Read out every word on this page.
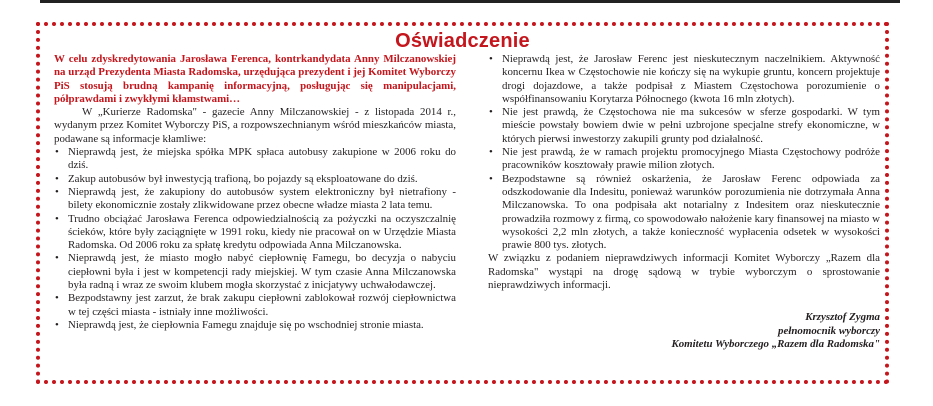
Oświadczenie

W celu zdyskredytowania Jarosława Ferenca, kontrkandydata Anny Milczanowskiej na urząd Prezydenta Miasta Radomska, urzędująca prezydent i jej Komitet Wyborczy PiS stosują brudną kampanię informacyjną, posługując się manipulacjami, półprawdami i zwykłymi kłamstwami…

W „Kurierze Radomska" - gazecie Anny Milczanowskiej - z listopada 2014 r., wydanym przez Komitet Wyborczy PiS, a rozpowszechnianym wśród mieszkańców miasta, podawane są informacje kłamliwe:

• Nieprawdą jest, że miejska spółka MPK spłaca autobusy zakupione w 2006 roku do dziś.
• Zakup autobusów był inwestycją trafioną, bo pojazdy są eksploatowane do dziś.
• Nieprawdą jest, że zakupiony do autobusów system elektroniczny był nietrafiony - bilety ekonomicznie zostały zlikwidowane przez obecne władze miasta 2 lata temu.
• Trudno obciążać Jarosława Ferenca odpowiedzialnością za pożyczki na oczyszczalnię ścieków, które były zaciągnięte w 1991 roku, kiedy nie pracował on w Urzędzie Miasta Radomska. Od 2006 roku za spłatę kredytu odpowiada Anna Milczanowska.
• Nieprawdą jest, że miasto mogło nabyć ciepłownię Famegu, bo decyzja o nabyciu ciepłowni była i jest w kompetencji rady miejskiej. W tym czasie Anna Milczanowska była radną i wraz ze swoim klubem mogła skorzystać z inicjatywy uchwałodawczej.
• Bezpodstawny jest zarzut, że brak zakupu ciepłowni zablokował rozwój ciepłownictwa w tej części miasta - istniały inne możliwości.
• Nieprawdą jest, że ciepłownia Famegu znajduje się po wschodniej stronie miasta.
• Nieprawdą jest, że Jarosław Ferenc jest nieskutecznym naczelnikiem. Aktywność koncernu Ikea w Częstochowie nie kończy się na wykupie gruntu, koncern projektuje drogi dojazdowe, a także podpisał z Miastem Częstochowa porozumienie o współfinansowaniu Korytarza Północnego (kwota 16 mln złotych).
• Nie jest prawdą, że Częstochowa nie ma sukcesów w sferze gospodarki. W tym mieście powstały bowiem dwie w pełni uzbrojone specjalne strefy ekonomiczne, w których pierwsi inwestorzy zakupili grunty pod działalność.
• Nie jest prawdą, że w ramach projektu promocyjnego Miasta Częstochowy podróże pracowników kosztowały prawie milion złotych.
• Bezpodstawne są również oskarżenia, że Jarosław Ferenc odpowiada za odszkodowanie dla Indesitu, ponieważ warunków porozumienia nie dotrzymała Anna Milczanowska. To ona podpisała akt notarialny z Indesitem oraz nieskutecznie prowadziła rozmowy z firmą, co spowodowało nałożenie kary finansowej na miasto w wysokości 2,2 mln złotych, a także konieczność wypłacenia odsetek w wysokości prawie 800 tys. złotych.

W związku z podaniem nieprawdziwych informacji Komitet Wyborczy „Razem dla Radomska" wystąpi na drogę sądową w trybie wyborczym o sprostowanie nieprawdziwych informacji.

Krzysztof Zygma
pełnomocnik wyborczy
Komitetu Wyborczego „Razem dla Radomska"
